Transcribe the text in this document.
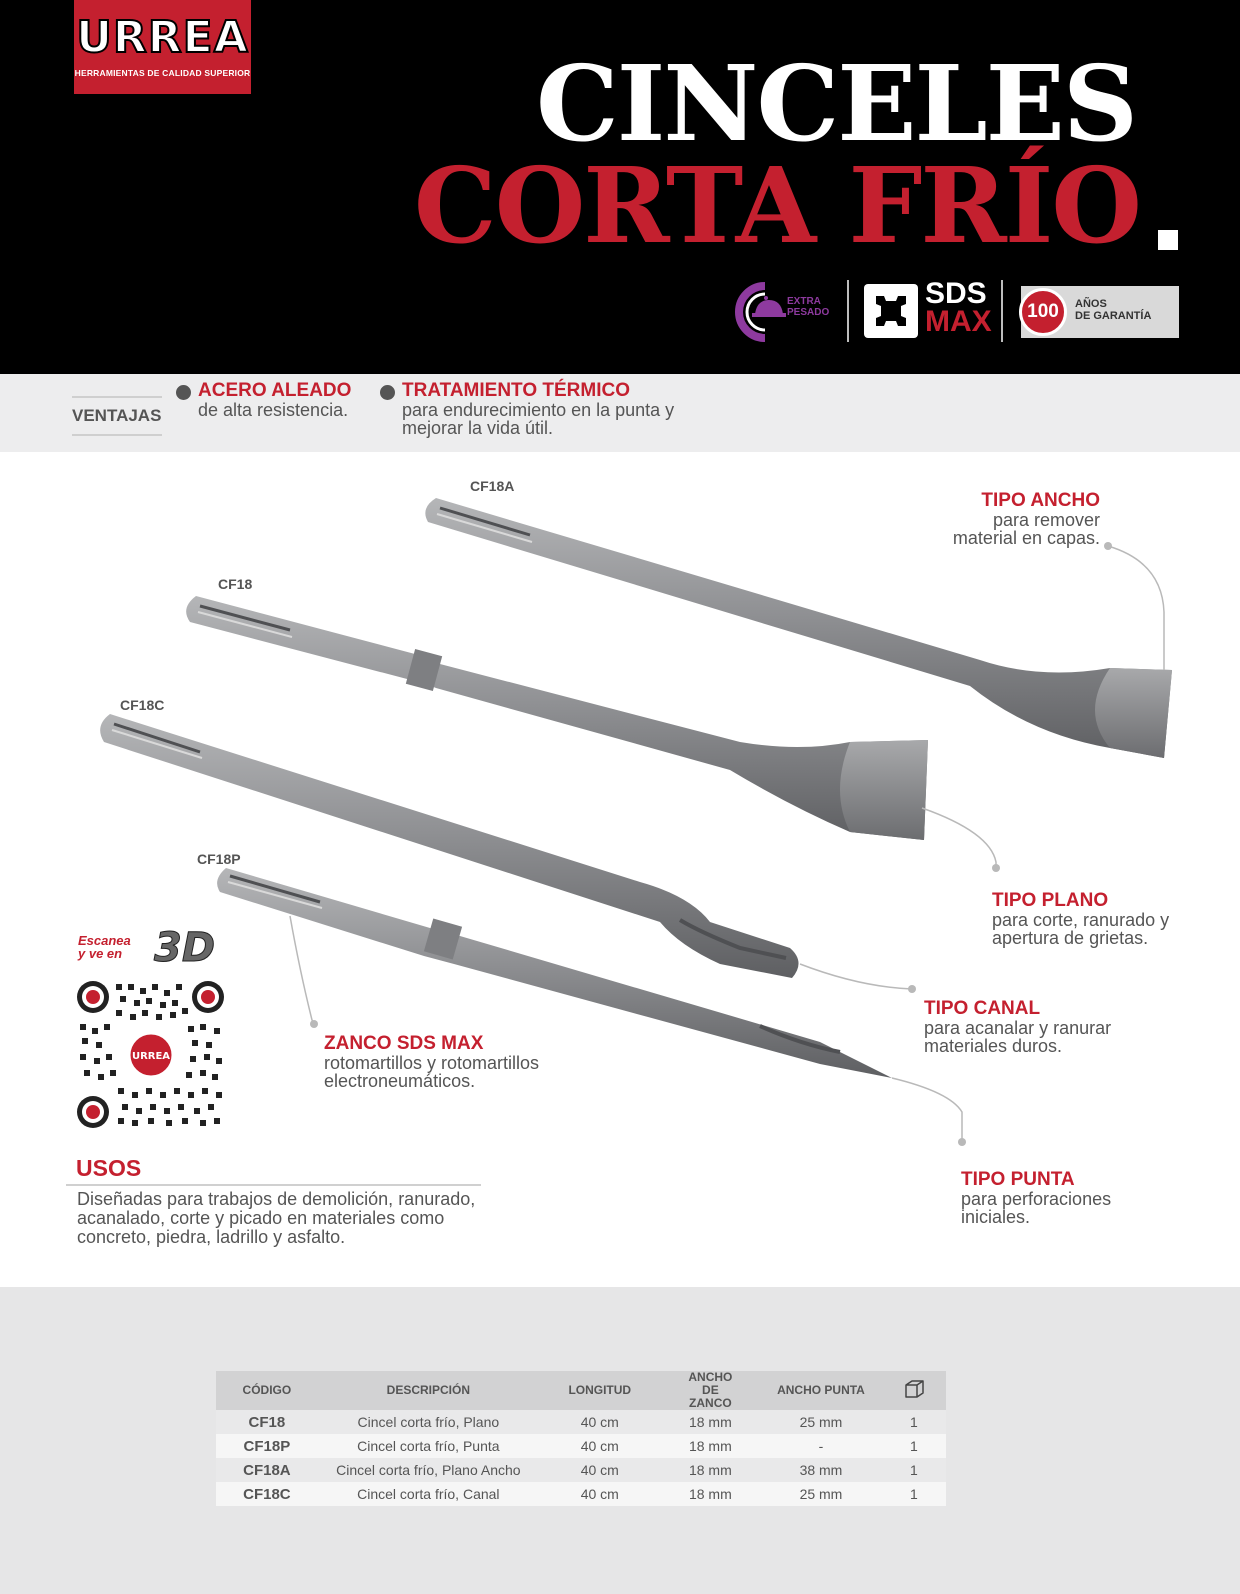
URREA
HERRAMIENTAS DE CALIDAD SUPERIOR	CINCELES
CORTA FRÍO
EXTRA PESADO
SDS
MAX	100	AÑOS
DE GARANTÍA
VENTAJAS
ACERO ALEADO
de alta resistencia.
TRATAMIENTO TÉRMICO
para endurecimiento en la punta y mejorar la vida útil.
CF18A
CF18
CF18C
CF18P
TIPO ANCHO
para remover material en capas.
TIPO PLANO
para corte, ranurado y apertura de grietas.
TIPO CANAL
para acanalar y ranurar materiales duros.
ZANCO SDS MAX
rotomartillos y rotomartillos electroneumáticos.
TIPO PUNTA
para perforaciones iniciales.
Escanea
y ve en 3D
URREA
USOS
Diseñadas para trabajos de demolición, ranurado, acanalado, corte y picado en materiales como concreto, piedra, ladrillo y asfalto.
CÓDIGO	DESCRIPCIÓN	LONGITUD	ANCHO DE ZANCO	ANCHO PUNTA	
CF18	Cincel corta frío, Plano	40 cm	18 mm	25 mm	1
CF18P	Cincel corta frío, Punta	40 cm	18 mm	-	1
CF18A	Cincel corta frío, Plano Ancho	40 cm	18 mm	38 mm	1
CF18C	Cincel corta frío, Canal	40 cm	18 mm	25 mm	1
